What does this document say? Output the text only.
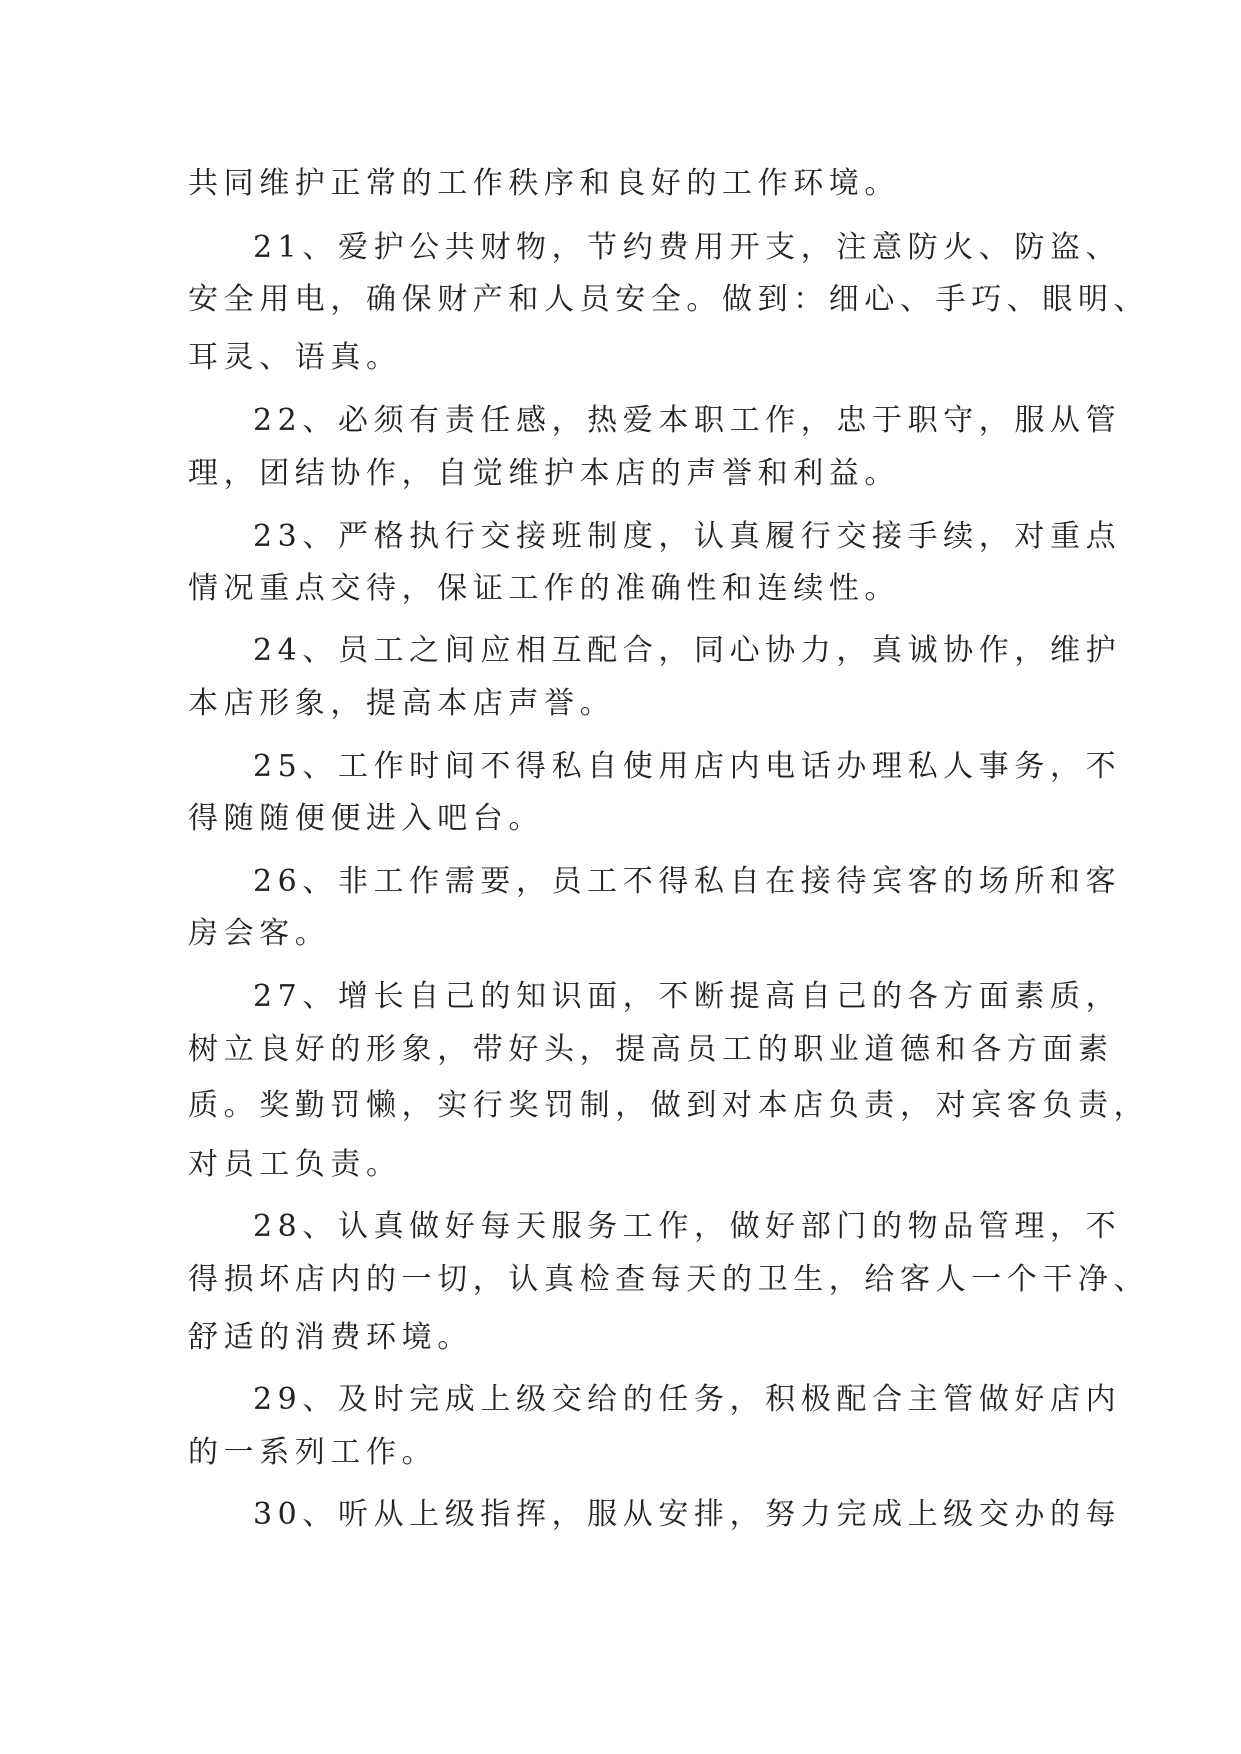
共同维护正常的工作秩序和良好的工作环境。
21、爱护公共财物，节约费用开支，注意防火、防盗、
安全用电，确保财产和人员安全。做到：细心、手巧、眼明、
耳灵、语真。
22、必须有责任感，热爱本职工作，忠于职守，服从管
理，团结协作，自觉维护本店的声誉和利益。
23、严格执行交接班制度，认真履行交接手续，对重点
情况重点交待，保证工作的准确性和连续性。
24、员工之间应相互配合，同心协力，真诚协作，维护
本店形象，提高本店声誉。
25、工作时间不得私自使用店内电话办理私人事务，不
得随随便便进入吧台。
26、非工作需要，员工不得私自在接待宾客的场所和客
房会客。
27、增长自己的知识面，不断提高自己的各方面素质，
树立良好的形象，带好头，提高员工的职业道德和各方面素
质。奖勤罚懒，实行奖罚制，做到对本店负责，对宾客负责，
对员工负责。
28、认真做好每天服务工作，做好部门的物品管理，不
得损坏店内的一切，认真检查每天的卫生，给客人一个干净、
舒适的消费环境。
29、及时完成上级交给的任务，积极配合主管做好店内
的一系列工作。
30、听从上级指挥，服从安排，努力完成上级交办的每
